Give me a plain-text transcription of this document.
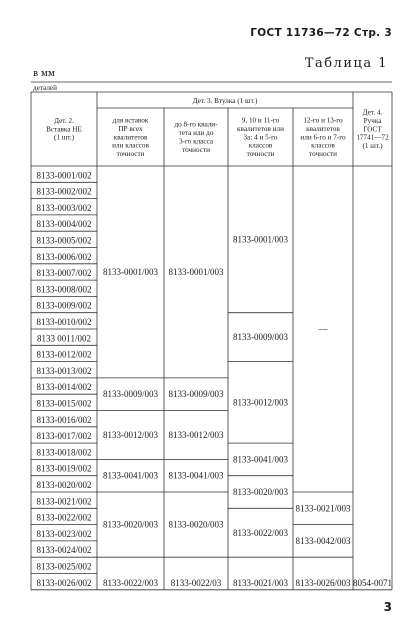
ГОСТ 11736—72 Стр. 3
Таблица 1
в мм
3
деталей
Дет. 2.
Вставка НЕ
(1 шт.)
Дет. 3. Втулка (1 шт.)
для вставок
ПР всех
квалитетов
или классов
точности
до 8-го квали-
тета или до
3-го класса
точности
9, 10 и 11-го
квалитетов или
3а; 4 и 5-го
классов
точности
12-го и 13-го
квалитетов
или 6-го и 7-го
классов
точности
Дет. 4.
Ручка
ГОСТ
17741—72
(1 шт.)
8133-0001/002
8133-0002/002
8133-0003/002
8133-0004/002
8133-0005/002
8133-0006/002
8133-0007/002
8133-0008/002
8133-0009/002
8133-0010/002
8133 0011/002
8133-0012/002
8133-0013/002
8133-0014/002
8133-0015/002
8133-0016/002
8133-0017/002
8133-0018/002
8133-0019/002
8133-0020/002
8133-0021/002
8133-0022/002
8133-0023/002
8133-0024/002
8133-0025/002
8133-0026/002
8133-0001/003
8133-0009/003
8133-0012/003
8133-0041/003
8133-0020/003
8133-0022/003
8133-0001/003
8133-0009/003
8133-0012/003
8133-0041/003
8133-0020/003
8133-0022/03
8133-0001/003
8133-0009/003
8133-0012/003
8133-0041/003
8133-0020/003
8133-0022/003
8133-0021/003
—
8133-0021/003
8133-0042/003
8133-0026/003 8054-0071
